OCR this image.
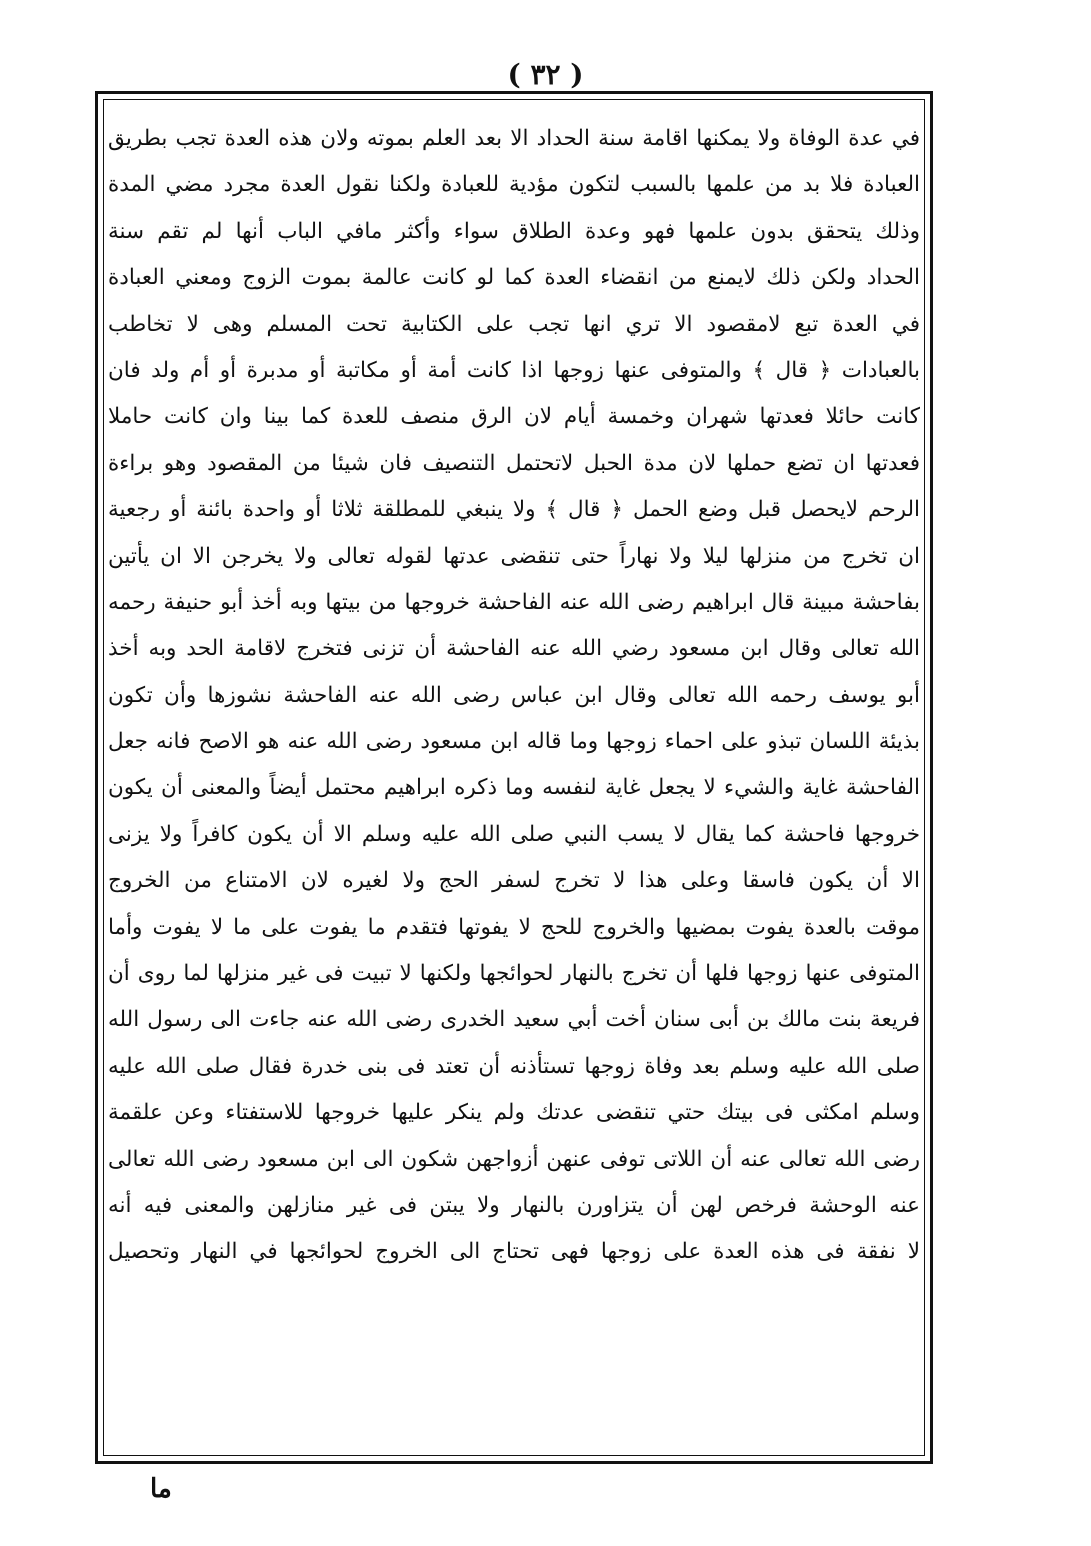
( ٣٢ )
في عدة الوفاة ولا يمكنها اقامة سنة الحداد الا بعد العلم بموته ولان هذه العدة تجب بطريق
العبادة فلا بد من علمها بالسبب لتكون مؤدية للعبادة ولكنا نقول العدة مجرد مضي المدة
وذلك يتحقق بدون علمها فهو وعدة الطلاق سواء وأكثر مافي الباب أنها لم تقم سنة
الحداد ولكن ذلك لايمنع من انقضاء العدة كما لو كانت عالمة بموت الزوج ومعني العبادة
في العدة تبع لامقصود الا تري انها تجب على الكتابية تحت المسلم وهى لا تخاطب
بالعبادات ﴿ قال ﴾ والمتوفى عنها زوجها اذا كانت أمة أو مكاتبة أو مدبرة أو أم ولد فان
كانت حائلا فعدتها شهران وخمسة أيام لان الرق منصف للعدة كما بينا وان كانت حاملا
فعدتها ان تضع حملها لان مدة الحبل لاتحتمل التنصيف فان شيئا من المقصود وهو براءة
الرحم لايحصل قبل وضع الحمل ﴿ قال ﴾ ولا ينبغي للمطلقة ثلاثا أو واحدة بائنة أو رجعية
ان تخرج من منزلها ليلا ولا نهاراً حتى تنقضى عدتها لقوله تعالى ولا يخرجن الا ان يأتين
بفاحشة مبينة قال ابراهيم رضى الله عنه الفاحشة خروجها من بيتها وبه أخذ أبو حنيفة رحمه
الله تعالى وقال ابن مسعود رضي الله عنه الفاحشة أن تزنى فتخرج لاقامة الحد وبه أخذ
أبو يوسف رحمه الله تعالى وقال ابن عباس رضى الله عنه الفاحشة نشوزها وأن تكون
بذيئة اللسان تبذو على احماء زوجها وما قاله ابن مسعود رضى الله عنه هو الاصح فانه جعل
الفاحشة غاية والشيء لا يجعل غاية لنفسه وما ذكره ابراهيم محتمل أيضاً والمعنى أن يكون
خروجها فاحشة كما يقال لا يسب النبي صلى الله عليه وسلم الا أن يكون كافراً ولا يزنى
الا أن يكون فاسقا وعلى هذا لا تخرج لسفر الحج ولا لغيره لان الامتناع من الخروج
موقت بالعدة يفوت بمضيها والخروج للحج لا يفوتها فتقدم ما يفوت على ما لا يفوت وأما
المتوفى عنها زوجها فلها أن تخرج بالنهار لحوائجها ولكنها لا تبيت فى غير منزلها لما روى أن
فريعة بنت مالك بن أبى سنان أخت أبي سعيد الخدرى رضى الله عنه جاءت الى رسول الله
صلى الله عليه وسلم بعد وفاة زوجها تستأذنه أن تعتد فى بنى خدرة فقال صلى الله عليه
وسلم امكثى فى بيتك حتي تنقضى عدتك ولم ينكر عليها خروجها للاستفتاء وعن علقمة
رضى الله تعالى عنه أن اللاتى توفى عنهن أزواجهن شكون الى ابن مسعود رضى الله تعالى
عنه الوحشة فرخص لهن أن يتزاورن بالنهار ولا يبتن فى غير منازلهن والمعنى فيه أنه
لا نفقة فى هذه العدة على زوجها فهى تحتاج الى الخروج لحوائجها في النهار وتحصيل
ما
